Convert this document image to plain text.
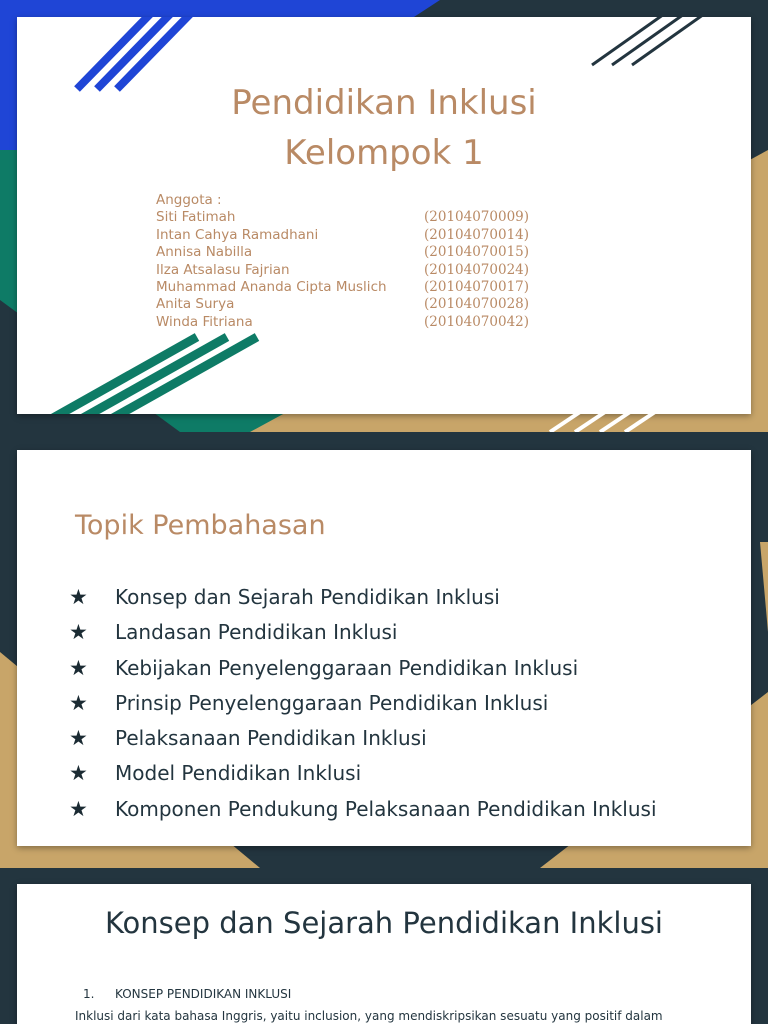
Pendidikan Inklusi
Kelompok 1
Anggota :
Siti Fatimah	(20104070009)
Intan Cahya Ramadhani	(20104070014)
Annisa Nabilla	(20104070015)
Ilza Atsalasu Fajrian	(20104070024)
Muhammad Ananda Cipta Muslich	(20104070017)
Anita Surya	(20104070028)
Winda Fitriana	(20104070042)
Topik Pembahasan
★	Konsep dan Sejarah Pendidikan Inklusi
★	Landasan Pendidikan Inklusi
★	Kebijakan Penyelenggaraan Pendidikan Inklusi
★	Prinsip Penyelenggaraan Pendidikan Inklusi
★	Pelaksanaan Pendidikan Inklusi
★	Model Pendidikan Inklusi
★	Komponen Pendukung Pelaksanaan Pendidikan Inklusi
Konsep dan Sejarah Pendidikan Inklusi
1. KONSEP PENDIDIKAN INKLUSI
Inklusi dari kata bahasa Inggris, yaitu inclusion, yang mendiskripsikan sesuatu yang positif dalam
